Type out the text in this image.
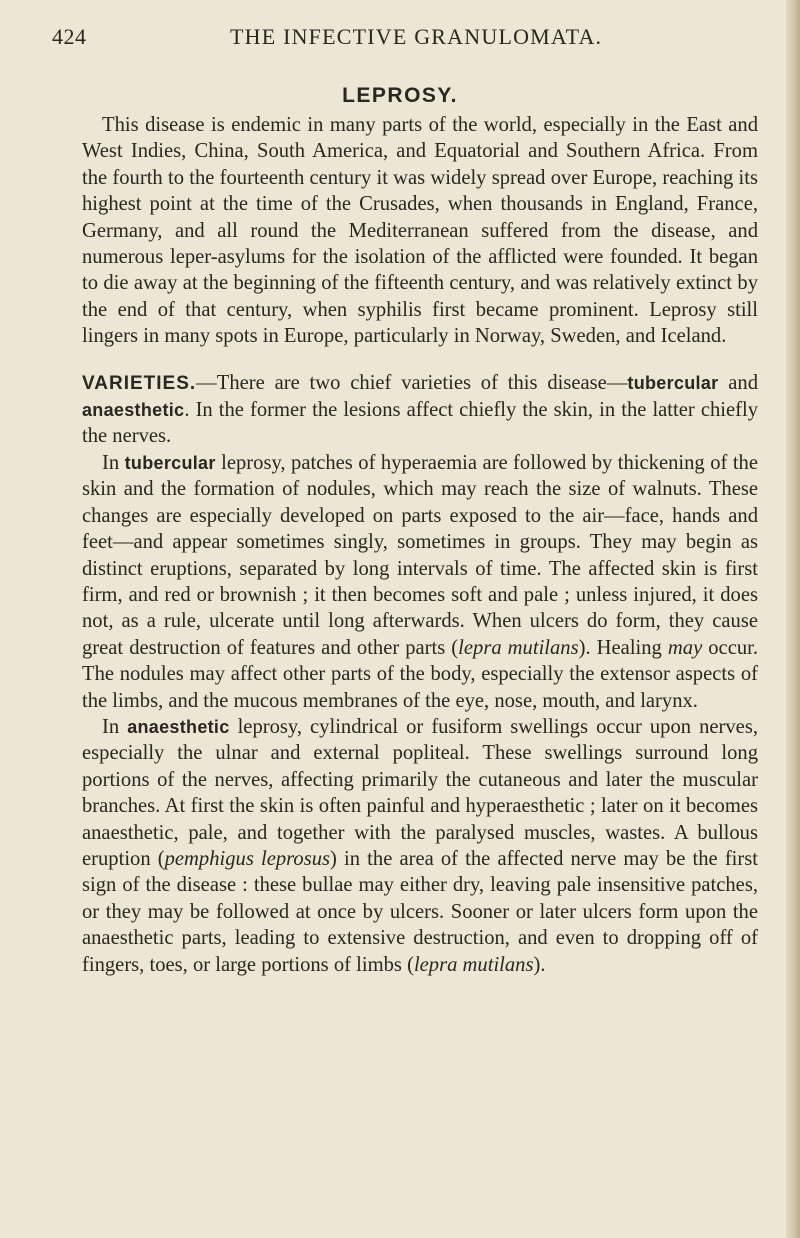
424	THE INFECTIVE GRANULOMATA.
LEPROSY.

This disease is endemic in many parts of the world, especially in the East and West Indies, China, South America, and Equatorial and Southern Africa. From the fourth to the fourteenth century it was widely spread over Europe, reaching its highest point at the time of the Crusades, when thousands in England, France, Germany, and all round the Mediterranean suffered from the disease, and numerous leper-asylums for the isolation of the afflicted were founded. It began to die away at the beginning of the fifteenth century, and was relatively extinct by the end of that century, when syphilis first became prominent. Leprosy still lingers in many spots in Europe, particularly in Norway, Sweden, and Iceland.

VARIETIES.—There are two chief varieties of this disease—tubercular and anaesthetic. In the former the lesions affect chiefly the skin, in the latter chiefly the nerves.

In tubercular leprosy, patches of hyperaemia are followed by thickening of the skin and the formation of nodules, which may reach the size of walnuts. These changes are especially developed on parts exposed to the air—face, hands and feet—and appear sometimes singly, sometimes in groups. They may begin as distinct eruptions, separated by long intervals of time. The affected skin is first firm, and red or brownish ; it then becomes soft and pale ; unless injured, it does not, as a rule, ulcerate until long afterwards. When ulcers do form, they cause great destruction of features and other parts (lepra mutilans). Healing may occur. The nodules may affect other parts of the body, especially the extensor aspects of the limbs, and the mucous membranes of the eye, nose, mouth, and larynx.

In anaesthetic leprosy, cylindrical or fusiform swellings occur upon nerves, especially the ulnar and external popliteal. These swellings surround long portions of the nerves, affecting primarily the cutaneous and later the muscular branches. At first the skin is often painful and hyperaesthetic ; later on it becomes anaesthetic, pale, and together with the paralysed muscles, wastes. A bullous eruption (pemphigus leprosus) in the area of the affected nerve may be the first sign of the disease : these bullae may either dry, leaving pale insensitive patches, or they may be followed at once by ulcers. Sooner or later ulcers form upon the anaesthetic parts, leading to extensive destruction, and even to dropping off of fingers, toes, or large portions of limbs (lepra mutilans).
